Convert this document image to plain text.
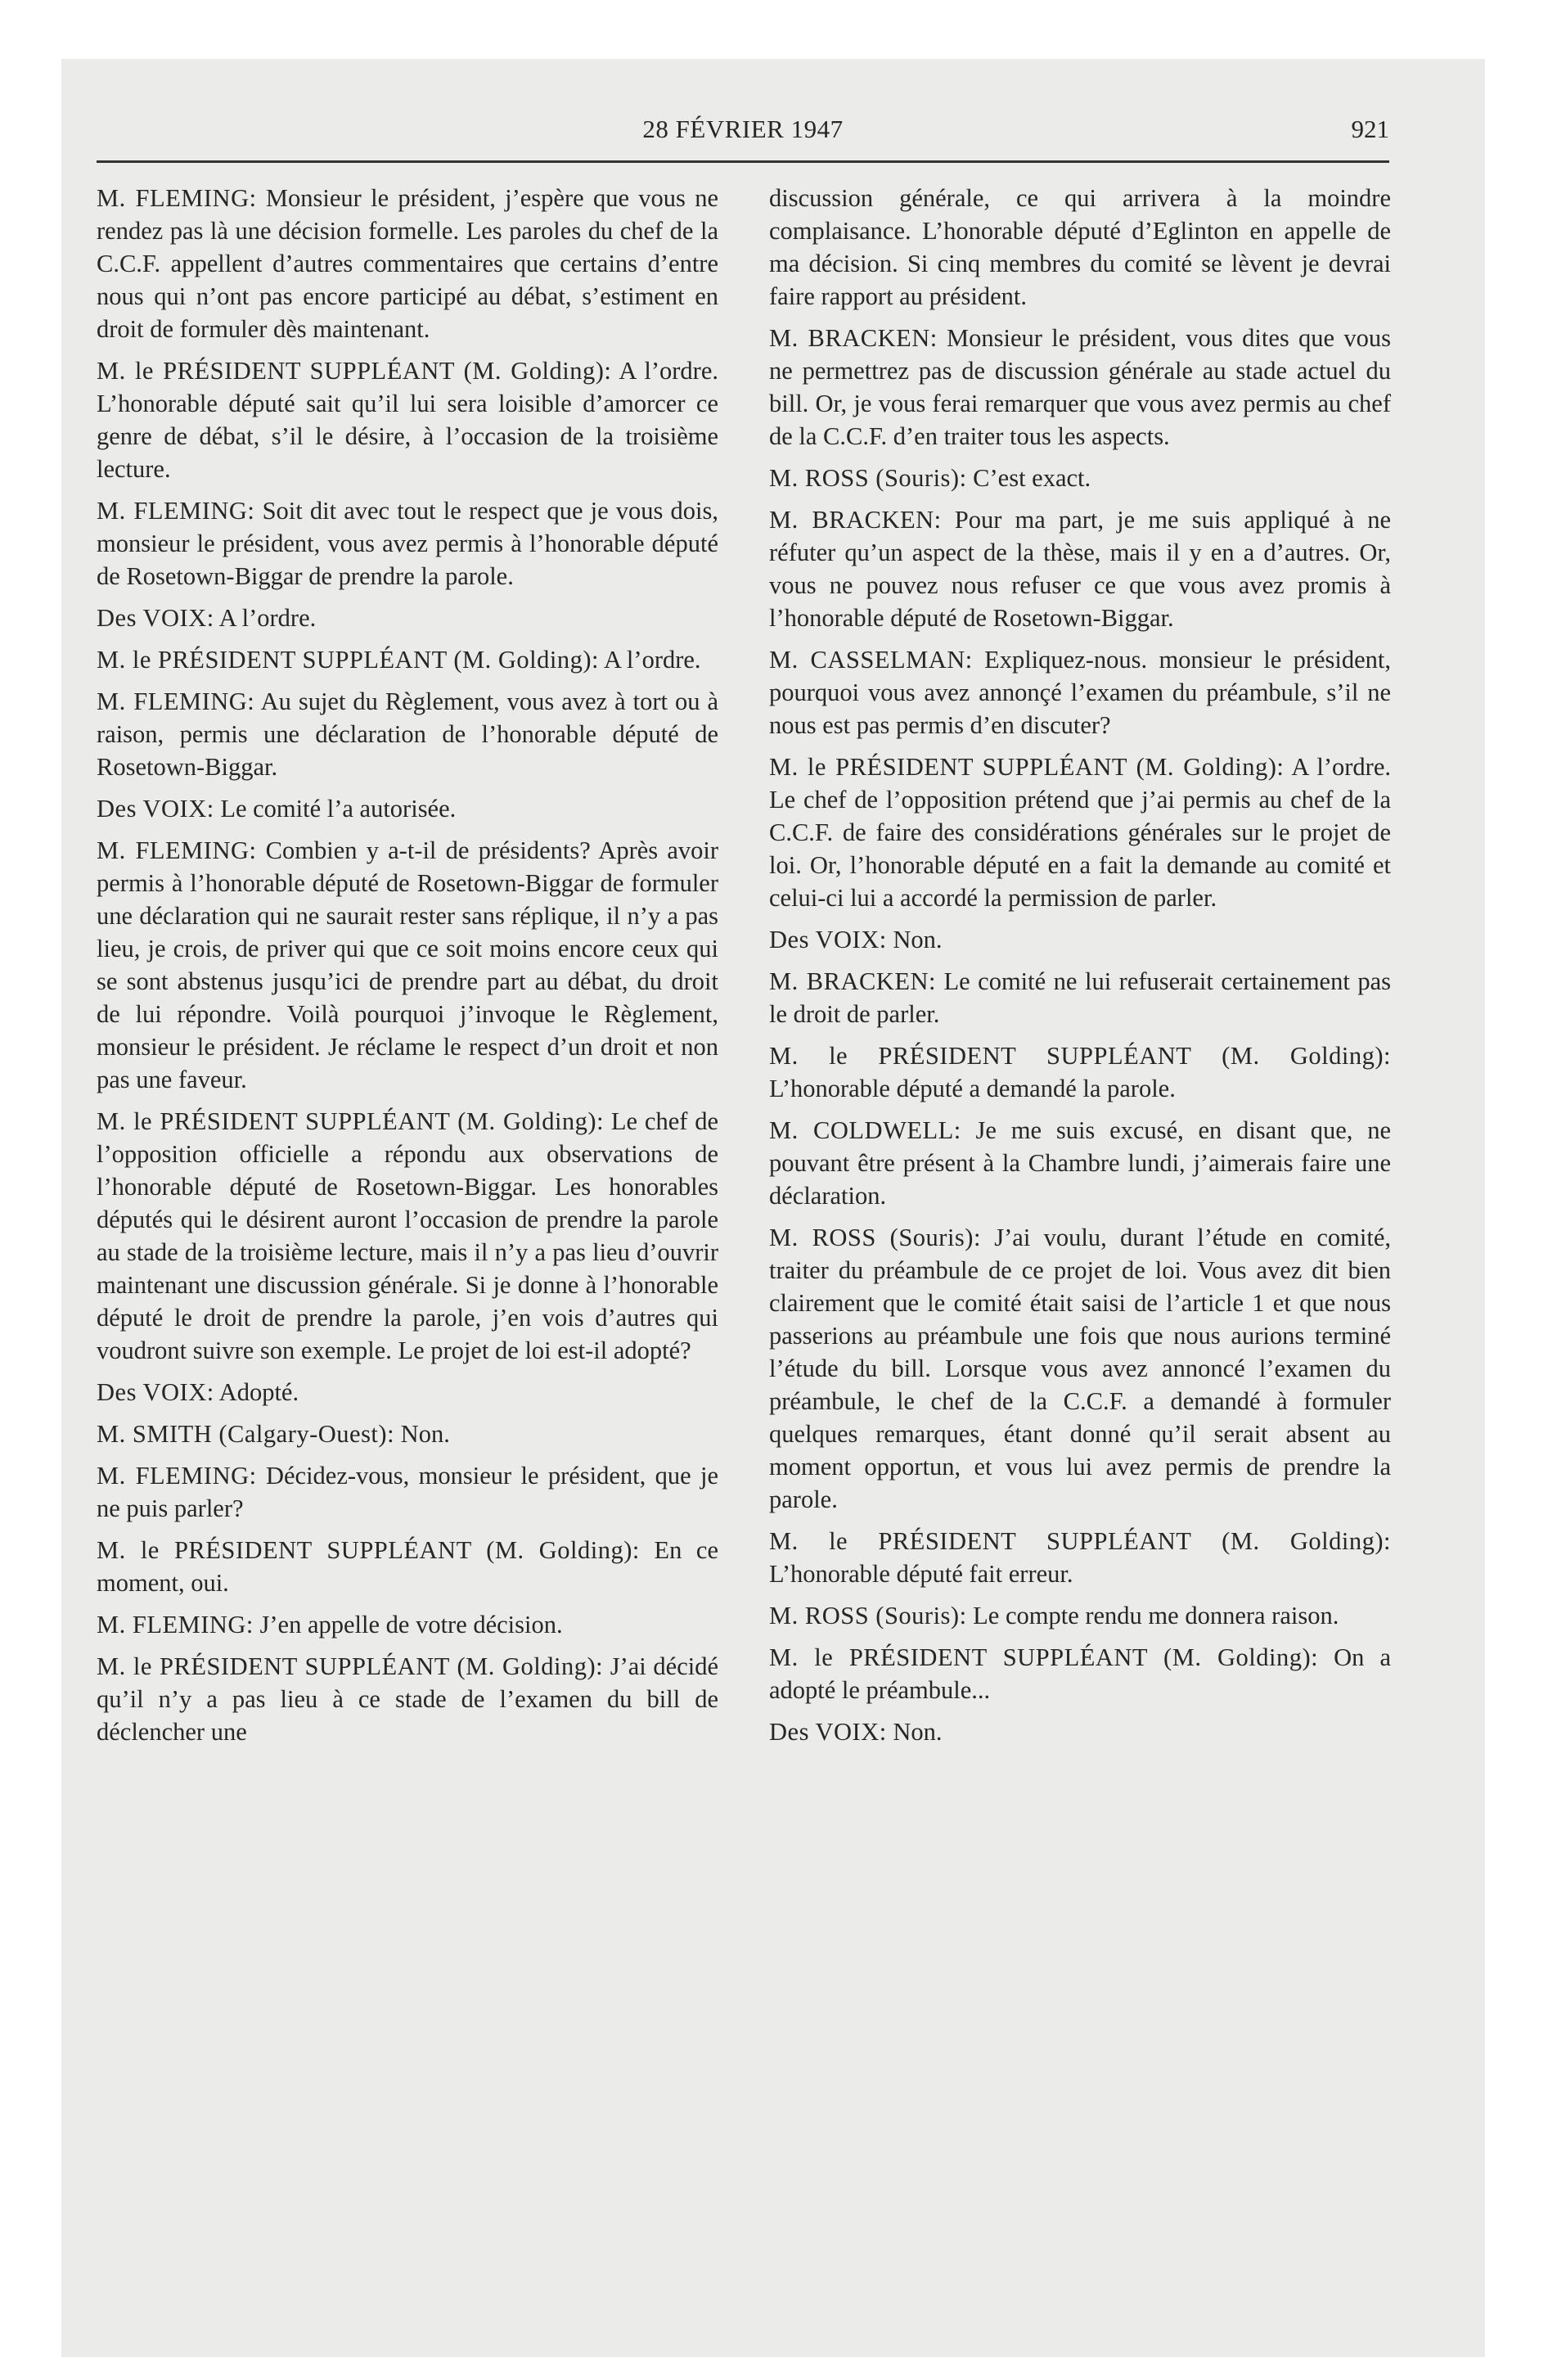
28 FÉVRIER 1947	921

M. FLEMING: Monsieur le président, j’espère que vous ne rendez pas là une décision formelle. Les paroles du chef de la C.C.F. appellent d’autres commentaires que certains d’entre nous qui n’ont pas encore participé au débat, s’estiment en droit de formuler dès maintenant.

M. le PRÉSIDENT SUPPLÉANT (M. Golding): A l’ordre. L’honorable député sait qu’il lui sera loisible d’amorcer ce genre de débat, s’il le désire, à l’occasion de la troisième lecture.

M. FLEMING: Soit dit avec tout le respect que je vous dois, monsieur le président, vous avez permis à l’honorable député de Rosetown-Biggar de prendre la parole.

Des VOIX: A l’ordre.

M. le PRÉSIDENT SUPPLÉANT (M. Golding): A l’ordre.

M. FLEMING: Au sujet du Règlement, vous avez à tort ou à raison, permis une déclaration de l’honorable député de Rosetown-Biggar.

Des VOIX: Le comité l’a autorisée.

M. FLEMING: Combien y a-t-il de présidents? Après avoir permis à l’honorable député de Rosetown-Biggar de formuler une déclaration qui ne saurait rester sans réplique, il n’y a pas lieu, je crois, de priver qui que ce soit moins encore ceux qui se sont abstenus jusqu’ici de prendre part au débat, du droit de lui répondre. Voilà pourquoi j’invoque le Règlement, monsieur le président. Je réclame le respect d’un droit et non pas une faveur.

M. le PRÉSIDENT SUPPLÉANT (M. Golding): Le chef de l’opposition officielle a répondu aux observations de l’honorable député de Rosetown-Biggar. Les honorables députés qui le désirent auront l’occasion de prendre la parole au stade de la troisième lecture, mais il n’y a pas lieu d’ouvrir maintenant une discussion générale. Si je donne à l’honorable député le droit de prendre la parole, j’en vois d’autres qui voudront suivre son exemple. Le projet de loi est-il adopté?

Des VOIX: Adopté.

M. SMITH (Calgary-Ouest): Non.

M. FLEMING: Décidez-vous, monsieur le président, que je ne puis parler?

M. le PRÉSIDENT SUPPLÉANT (M. Golding): En ce moment, oui.

M. FLEMING: J’en appelle de votre décision.

M. le PRÉSIDENT SUPPLÉANT (M. Golding): J’ai décidé qu’il n’y a pas lieu à ce stade de l’examen du bill de déclencher une

discussion générale, ce qui arrivera à la moindre complaisance. L’honorable député d’Eglinton en appelle de ma décision. Si cinq membres du comité se lèvent je devrai faire rapport au président.

M. BRACKEN: Monsieur le président, vous dites que vous ne permettrez pas de discussion générale au stade actuel du bill. Or, je vous ferai remarquer que vous avez permis au chef de la C.C.F. d’en traiter tous les aspects.

M. ROSS (Souris): C’est exact.

M. BRACKEN: Pour ma part, je me suis appliqué à ne réfuter qu’un aspect de la thèse, mais il y en a d’autres. Or, vous ne pouvez nous refuser ce que vous avez promis à l’honorable député de Rosetown-Biggar.

M. CASSELMAN: Expliquez-nous. monsieur le président, pourquoi vous avez annonçé l’examen du préambule, s’il ne nous est pas permis d’en discuter?

M. le PRÉSIDENT SUPPLÉANT (M. Golding): A l’ordre. Le chef de l’opposition prétend que j’ai permis au chef de la C.C.F. de faire des considérations générales sur le projet de loi. Or, l’honorable député en a fait la demande au comité et celui-ci lui a accordé la permission de parler.

Des VOIX: Non.

M. BRACKEN: Le comité ne lui refuserait certainement pas le droit de parler.

M. le PRÉSIDENT SUPPLÉANT (M. Golding): L’honorable député a demandé la parole.

M. COLDWELL: Je me suis excusé, en disant que, ne pouvant être présent à la Chambre lundi, j’aimerais faire une déclaration.

M. ROSS (Souris): J’ai voulu, durant l’étude en comité, traiter du préambule de ce projet de loi. Vous avez dit bien clairement que le comité était saisi de l’article 1 et que nous passerions au préambule une fois que nous aurions terminé l’étude du bill. Lorsque vous avez annoncé l’examen du préambule, le chef de la C.C.F. a demandé à formuler quelques remarques, étant donné qu’il serait absent au moment opportun, et vous lui avez permis de prendre la parole.

M. le PRÉSIDENT SUPPLÉANT (M. Golding): L’honorable député fait erreur.

M. ROSS (Souris): Le compte rendu me donnera raison.

M. le PRÉSIDENT SUPPLÉANT (M. Golding): On a adopté le préambule...

Des VOIX: Non.
